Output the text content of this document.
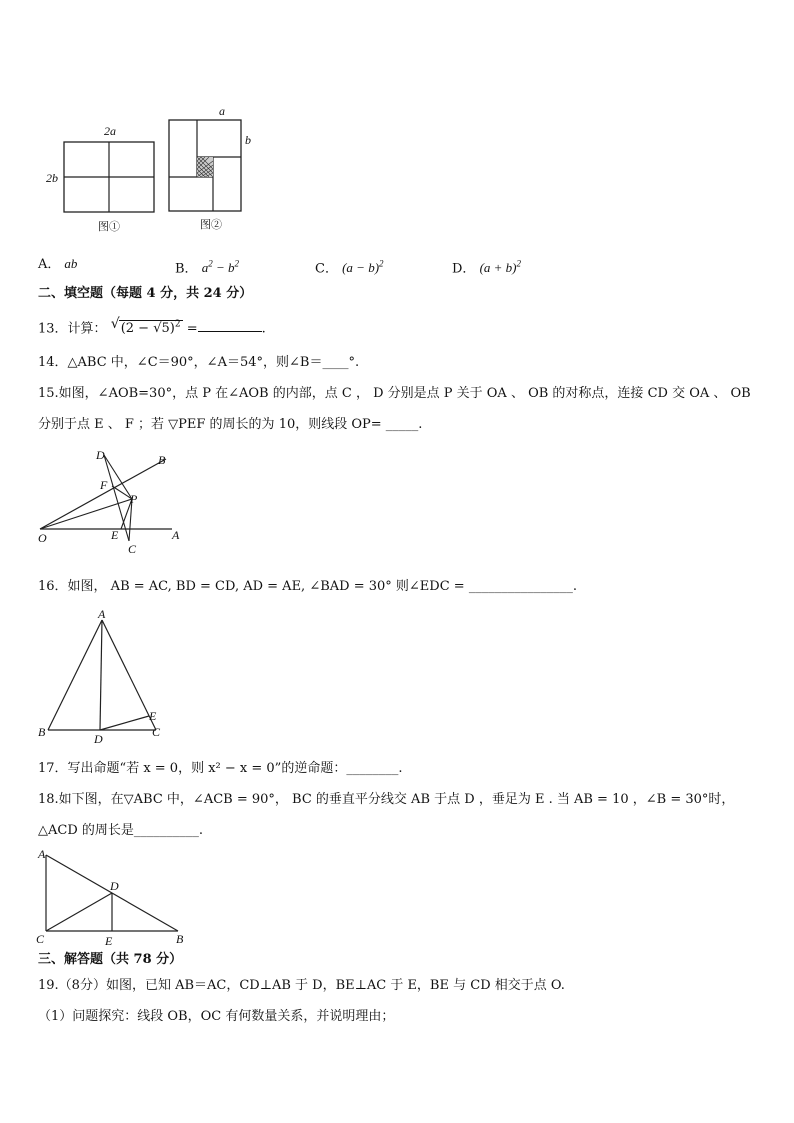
2a
2b
图①
a
b
图②
A． ab	B． $a^2 - b^2$	C． $(a - b)^2$	D． $(a + b)^2$
二、填空题（每题 4 分，共 24 分）
13．计算： √ $(2 - √5)^2$ =	.
14．△ABC 中，∠C＝90°，∠A＝54°，则∠B＝____°.
15.如图，∠AOB=30°，点 P 在∠AOB 的内部，点 C ， D 分别是点 P 关于 OA 、 OB 的对称点，连接 CD 交 OA 、 OB
分别于点 E 、 F ；若 ▽PEF 的周长的为 10，则线段 OP= _____.
D	B
F
P
O	E	A
C
16．如图， AB = AC, BD = CD, AD = AE, ∠BAD = 30° 则∠EDC = ________________.
A
B	D	C
E
17．写出命题“若 x = 0，则 x² − x = 0”的逆命题：________.
18.如下图，在▽ABC 中，∠ACB = 90°， BC 的垂直平分线交 AB 于点 D ，垂足为 E . 当 AB = 10 ，∠B = 30°时，
△ACD 的周长是__________.
A
D
C	E	B
三、解答题（共 78 分）
19.（8分）如图，已知 AB＝AC，CD⊥AB 于 D，BE⊥AC 于 E，BE 与 CD 相交于点 O.
（1）问题探究：线段 OB，OC 有何数量关系，并说明理由；
